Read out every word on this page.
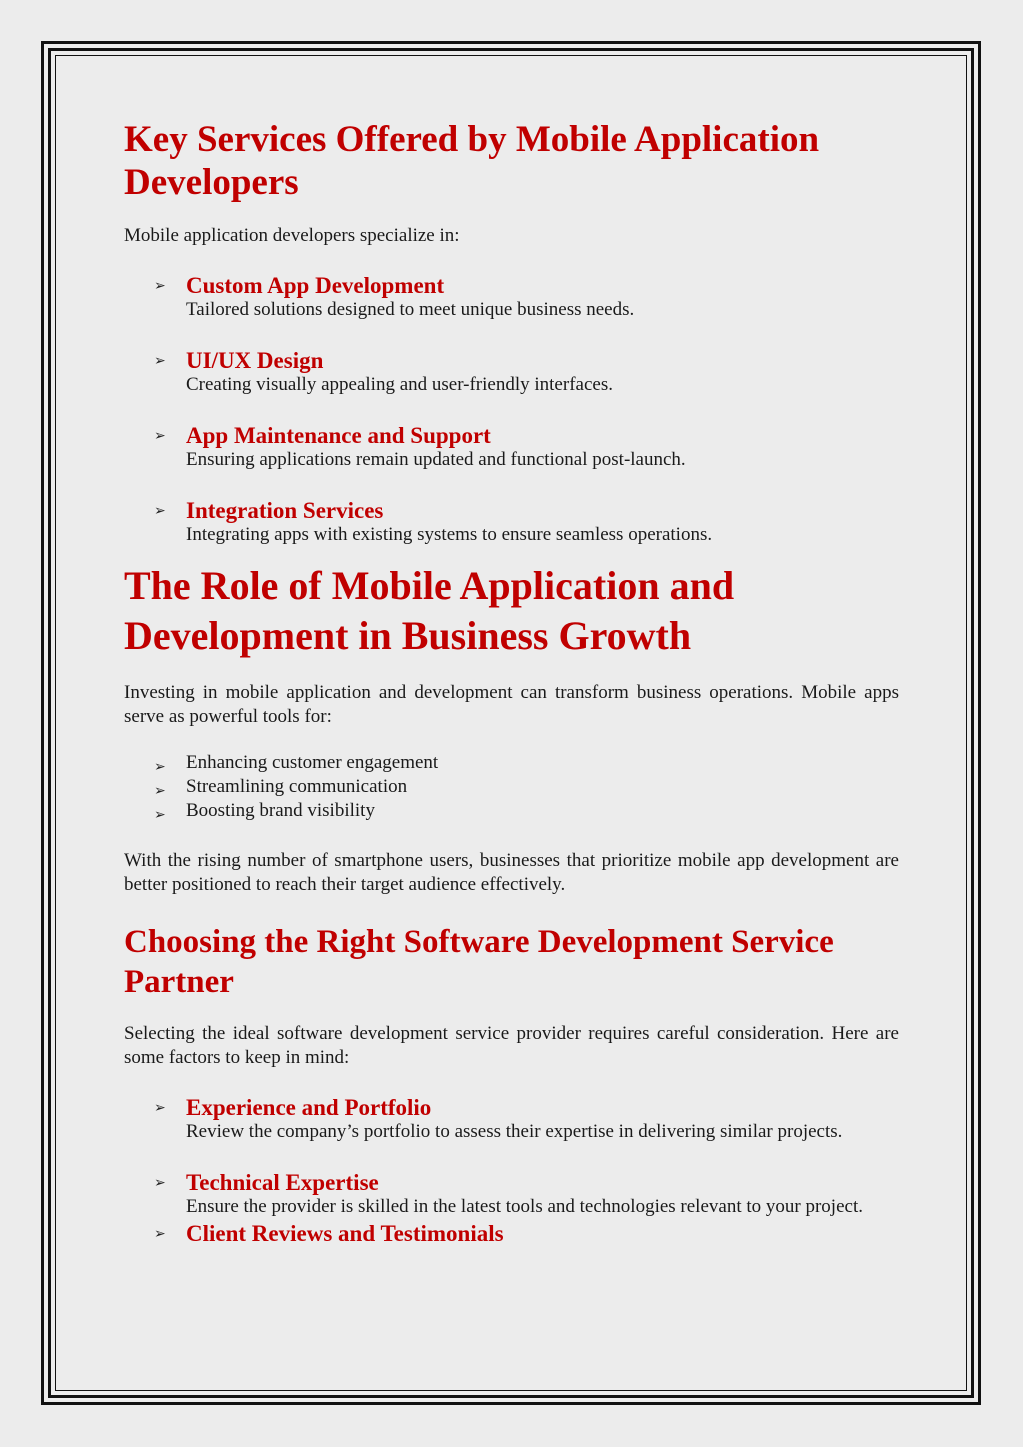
Key Services Offered by Mobile Application Developers

Mobile application developers specialize in:

➢ Custom App Development
Tailored solutions designed to meet unique business needs.
➢ UI/UX Design
Creating visually appealing and user-friendly interfaces.
➢ App Maintenance and Support
Ensuring applications remain updated and functional post-launch.
➢ Integration Services
Integrating apps with existing systems to ensure seamless operations.
The Role of Mobile Application and Development in Business Growth

Investing in mobile application and development can transform business operations. Mobile apps serve as powerful tools for:

➢ Enhancing customer engagement
➢ Streamlining communication
➢ Boosting brand visibility

With the rising number of smartphone users, businesses that prioritize mobile app development are better positioned to reach their target audience effectively.

Choosing the Right Software Development Service Partner

Selecting the ideal software development service provider requires careful consideration. Here are some factors to keep in mind:

➢ Experience and Portfolio
Review the company’s portfolio to assess their expertise in delivering similar projects.
➢ Technical Expertise
Ensure the provider is skilled in the latest tools and technologies relevant to your project.
➢ Client Reviews and Testimonials
